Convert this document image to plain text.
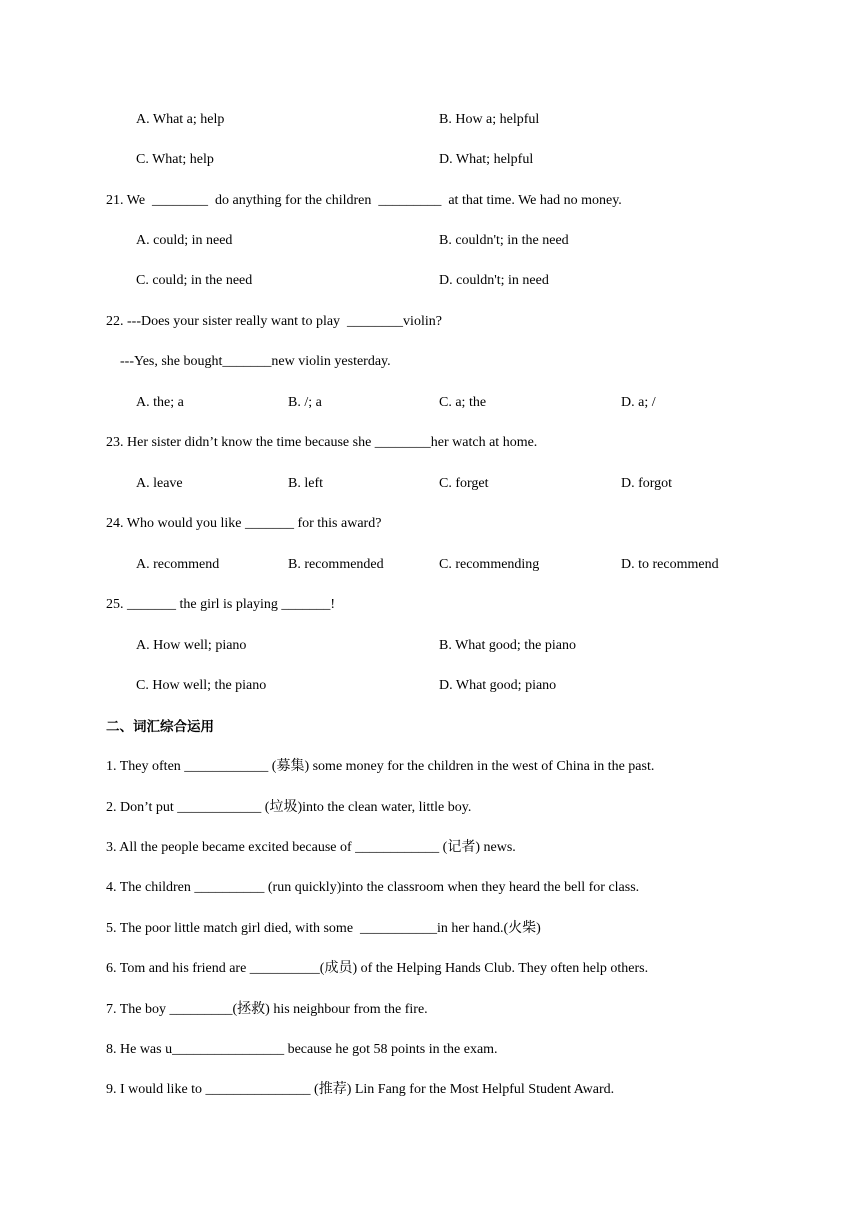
A. What a; help	B. How a; helpful
C. What; help	D. What; helpful
21. We  ________  do anything for the children  _________  at that time. We had no money.
A. could; in need	B. couldn't; in the need
C. could; in the need	D. couldn't; in need
22. ---Does your sister really want to play  ________violin?
---Yes, she bought_______new violin yesterday.
A. the; a	B. /; a	C. a; the	D. a; /
23. Her sister didn’t know the time because she ________her watch at home.
A. leave	B. left	C. forget	D. forgot
24. Who would you like _______ for this award?
A. recommend	B. recommended	C. recommending	D. to recommend
25. _______ the girl is playing _______!
A. How well; piano	B. What good; the piano
C. How well; the piano	D. What good; piano
二、词汇综合运用
1. They often ____________ (募集) some money for the children in the west of China in the past.
2. Don’t put ____________ (垃圾)into the clean water, little boy.
3. All the people became excited because of ____________ (记者) news.
4. The children __________ (run quickly)into the classroom when they heard the bell for class.
5. The poor little match girl died, with some  ___________in her hand.(火柴)
6. Tom and his friend are __________(成员) of the Helping Hands Club. They often help others.
7. The boy _________(拯救) his neighbour from the fire.
8. He was u________________ because he got 58 points in the exam.
9. I would like to _______________ (推荐) Lin Fang for the Most Helpful Student Award.
